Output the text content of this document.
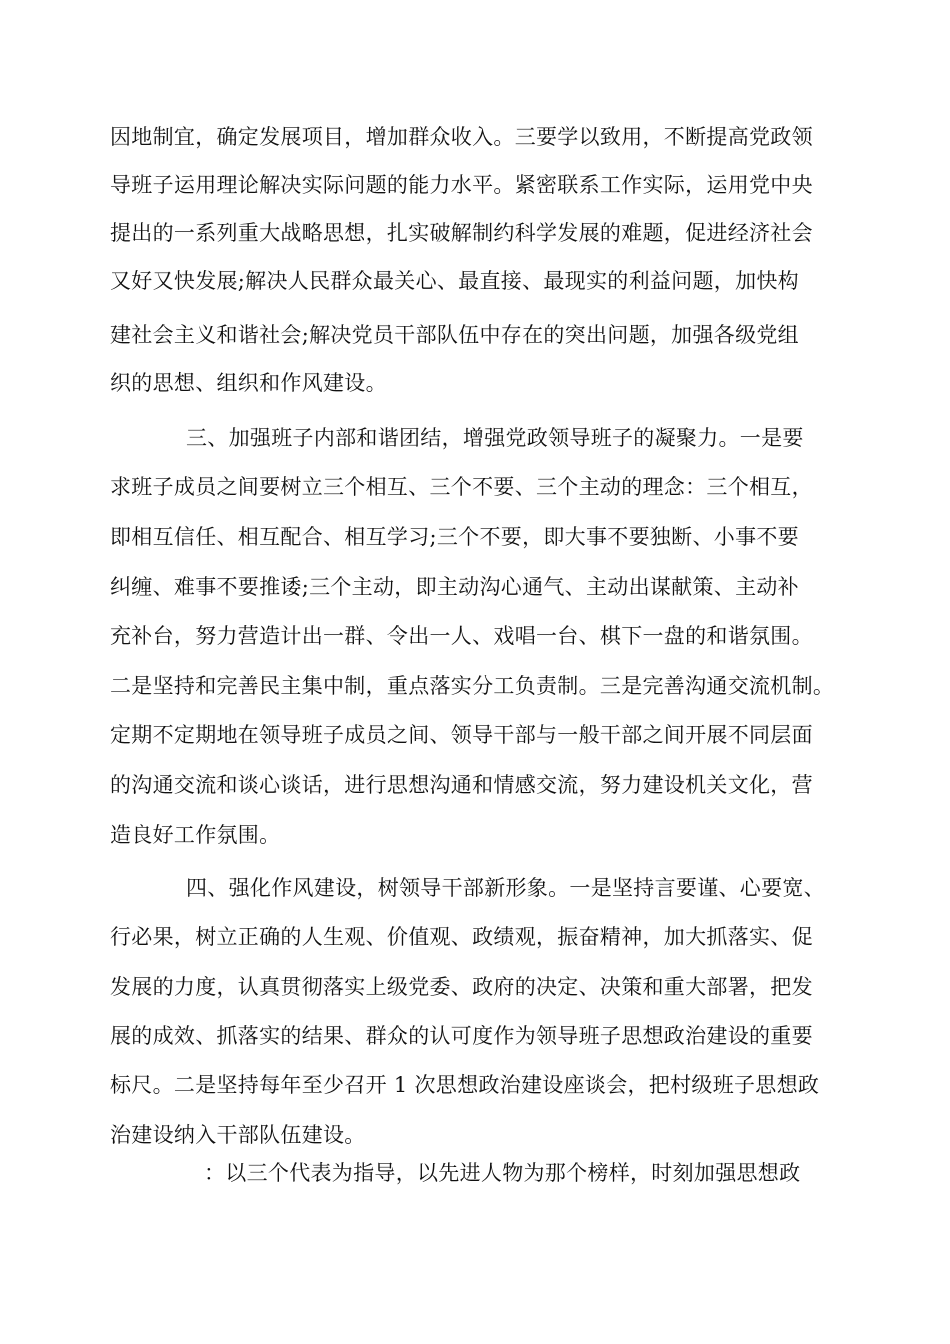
因地制宜，确定发展项目，增加群众收入。三要学以致用，不断提高党政领
导班子运用理论解决实际问题的能力水平。紧密联系工作实际，运用党中央
提出的一系列重大战略思想，扎实破解制约科学发展的难题，促进经济社会
又好又快发展;解决人民群众最关心、最直接、最现实的利益问题，加快构
建社会主义和谐社会;解决党员干部队伍中存在的突出问题，加强各级党组
织的思想、组织和作风建设。
三、加强班子内部和谐团结，增强党政领导班子的凝聚力。一是要
求班子成员之间要树立三个相互、三个不要、三个主动的理念：三个相互，
即相互信任、相互配合、相互学习;三个不要，即大事不要独断、小事不要
纠缠、难事不要推诿;三个主动，即主动沟心通气、主动出谋献策、主动补
充补台，努力营造计出一群、令出一人、戏唱一台、棋下一盘的和谐氛围。
二是坚持和完善民主集中制，重点落实分工负责制。三是完善沟通交流机制。
定期不定期地在领导班子成员之间、领导干部与一般干部之间开展不同层面
的沟通交流和谈心谈话，进行思想沟通和情感交流，努力建设机关文化，营
造良好工作氛围。
四、强化作风建设，树领导干部新形象。一是坚持言要谨、心要宽、
行必果，树立正确的人生观、价值观、政绩观，振奋精神，加大抓落实、促
发展的力度，认真贯彻落实上级党委、政府的决定、决策和重大部署，把发
展的成效、抓落实的结果、群众的认可度作为领导班子思想政治建设的重要
标尺。二是坚持每年至少召开 1 次思想政治建设座谈会，把村级班子思想政
治建设纳入干部队伍建设。
：以三个代表为指导，以先进人物为那个榜样，时刻加强思想政
